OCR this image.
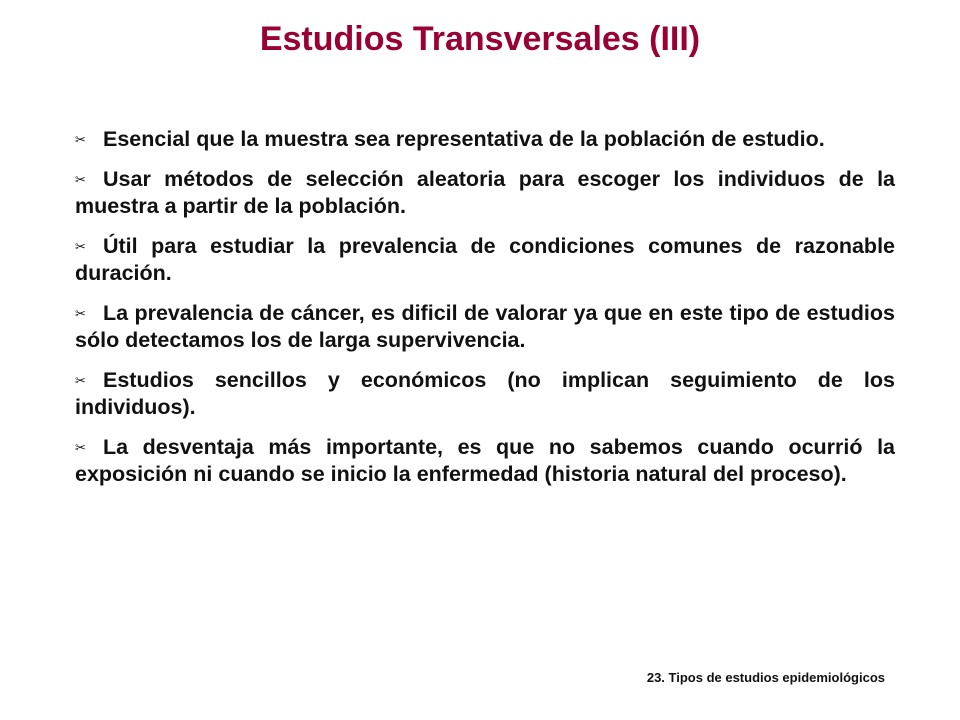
Estudios Transversales (III)
✂ Esencial que la muestra sea representativa de la población de estudio.
✂ Usar métodos de selección aleatoria para escoger los individuos de la muestra a partir de la población.
✂ Útil para estudiar la prevalencia de condiciones comunes de razonable duración.
✂ La prevalencia de cáncer, es dificil de valorar ya que en este tipo de estudios sólo detectamos los de larga supervivencia.
✂ Estudios sencillos y económicos (no implican seguimiento de los individuos).
✂ La desventaja más importante, es que no sabemos cuando ocurrió la exposición ni cuando se inicio la enfermedad (historia natural del proceso).
23. Tipos de estudios epidemiológicos
